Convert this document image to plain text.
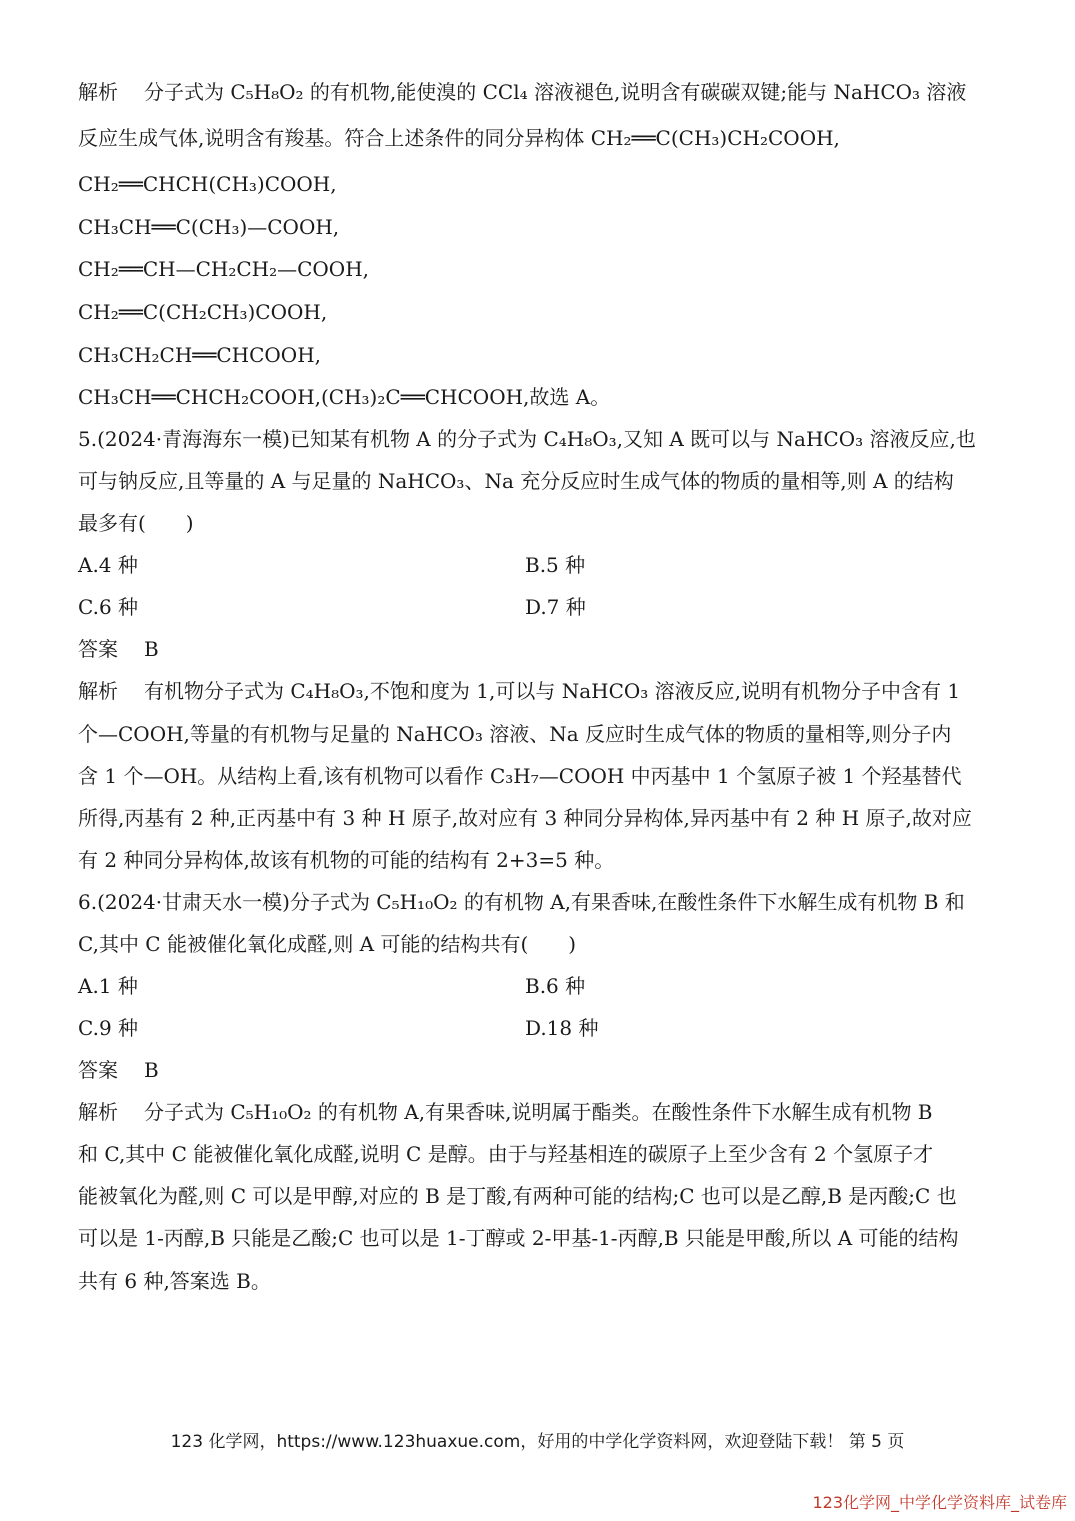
解析 分子式为 C₅H₈O₂ 的有机物,能使溴的 CCl₄ 溶液褪色,说明含有碳碳双键;能与 NaHCO₃ 溶液
反应生成气体,说明含有羧基。符合上述条件的同分异构体 CH₂══C(CH₃)CH₂COOH,
CH₂══CHCH(CH₃)COOH,
CH₃CH══C(CH₃)—COOH,
CH₂══CH—CH₂CH₂—COOH,
CH₂══C(CH₂CH₃)COOH,
CH₃CH₂CH══CHCOOH,
CH₃CH══CHCH₂COOH,(CH₃)₂C══CHCOOH,故选 A。
5.(2024·青海海东一模)已知某有机物 A 的分子式为 C₄H₈O₃,又知 A 既可以与 NaHCO₃ 溶液反应,也
可与钠反应,且等量的 A 与足量的 NaHCO₃、Na 充分反应时生成气体的物质的量相等,则 A 的结构
最多有(　　)
A.4 种	B.5 种
C.6 种	D.7 种
答案 B
解析 有机物分子式为 C₄H₈O₃,不饱和度为 1,可以与 NaHCO₃ 溶液反应,说明有机物分子中含有 1
个—COOH,等量的有机物与足量的 NaHCO₃ 溶液、Na 反应时生成气体的物质的量相等,则分子内
含 1 个—OH。从结构上看,该有机物可以看作 C₃H₇—COOH 中丙基中 1 个氢原子被 1 个羟基替代
所得,丙基有 2 种,正丙基中有 3 种 H 原子,故对应有 3 种同分异构体,异丙基中有 2 种 H 原子,故对应
有 2 种同分异构体,故该有机物的可能的结构有 2+3=5 种。
6.(2024·甘肃天水一模)分子式为 C₅H₁₀O₂ 的有机物 A,有果香味,在酸性条件下水解生成有机物 B 和
C,其中 C 能被催化氧化成醛,则 A 可能的结构共有(　　)
A.1 种	B.6 种
C.9 种	D.18 种
答案 B
解析 分子式为 C₅H₁₀O₂ 的有机物 A,有果香味,说明属于酯类。在酸性条件下水解生成有机物 B
和 C,其中 C 能被催化氧化成醛,说明 C 是醇。由于与羟基相连的碳原子上至少含有 2 个氢原子才
能被氧化为醛,则 C 可以是甲醇,对应的 B 是丁酸,有两种可能的结构;C 也可以是乙醇,B 是丙酸;C 也
可以是 1-丙醇,B 只能是乙酸;C 也可以是 1-丁醇或 2-甲基-1-丙醇,B 只能是甲酸,所以 A 可能的结构
共有 6 种,答案选 B。
123 化学网，https://www.123huaxue.com，好用的中学化学资料网，欢迎登陆下载！ 第 5 页
123化学网_中学化学资料库_试卷库
